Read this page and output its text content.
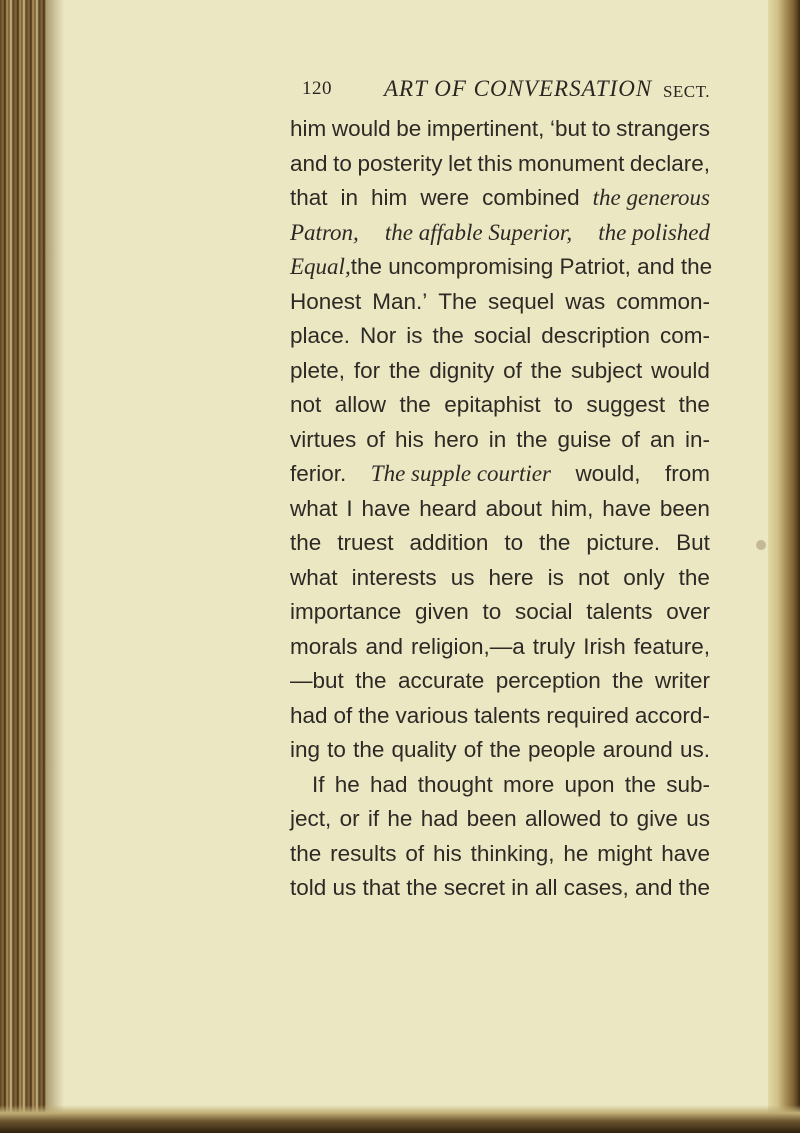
120 ART OF CONVERSATION SECT.
him would be impertinent, ‘but to strangers
and to posterity let this monument declare,
that in him were combined the generous
Patron, the affable Superior, the polished
Equal, the uncompromising Patriot, and the
Honest Man.’ The sequel was common-
place. Nor is the social description com-
plete, for the dignity of the subject would
not allow the epitaphist to suggest the
virtues of his hero in the guise of an in-
ferior. The supple courtier would, from
what I have heard about him, have been
the truest addition to the picture. But
what interests us here is not only the
importance given to social talents over
morals and religion,—a truly Irish feature,
—but the accurate perception the writer
had of the various talents required accord-
ing to the quality of the people around us.
If he had thought more upon the sub-
ject, or if he had been allowed to give us
the results of his thinking, he might have
told us that the secret in all cases, and the
